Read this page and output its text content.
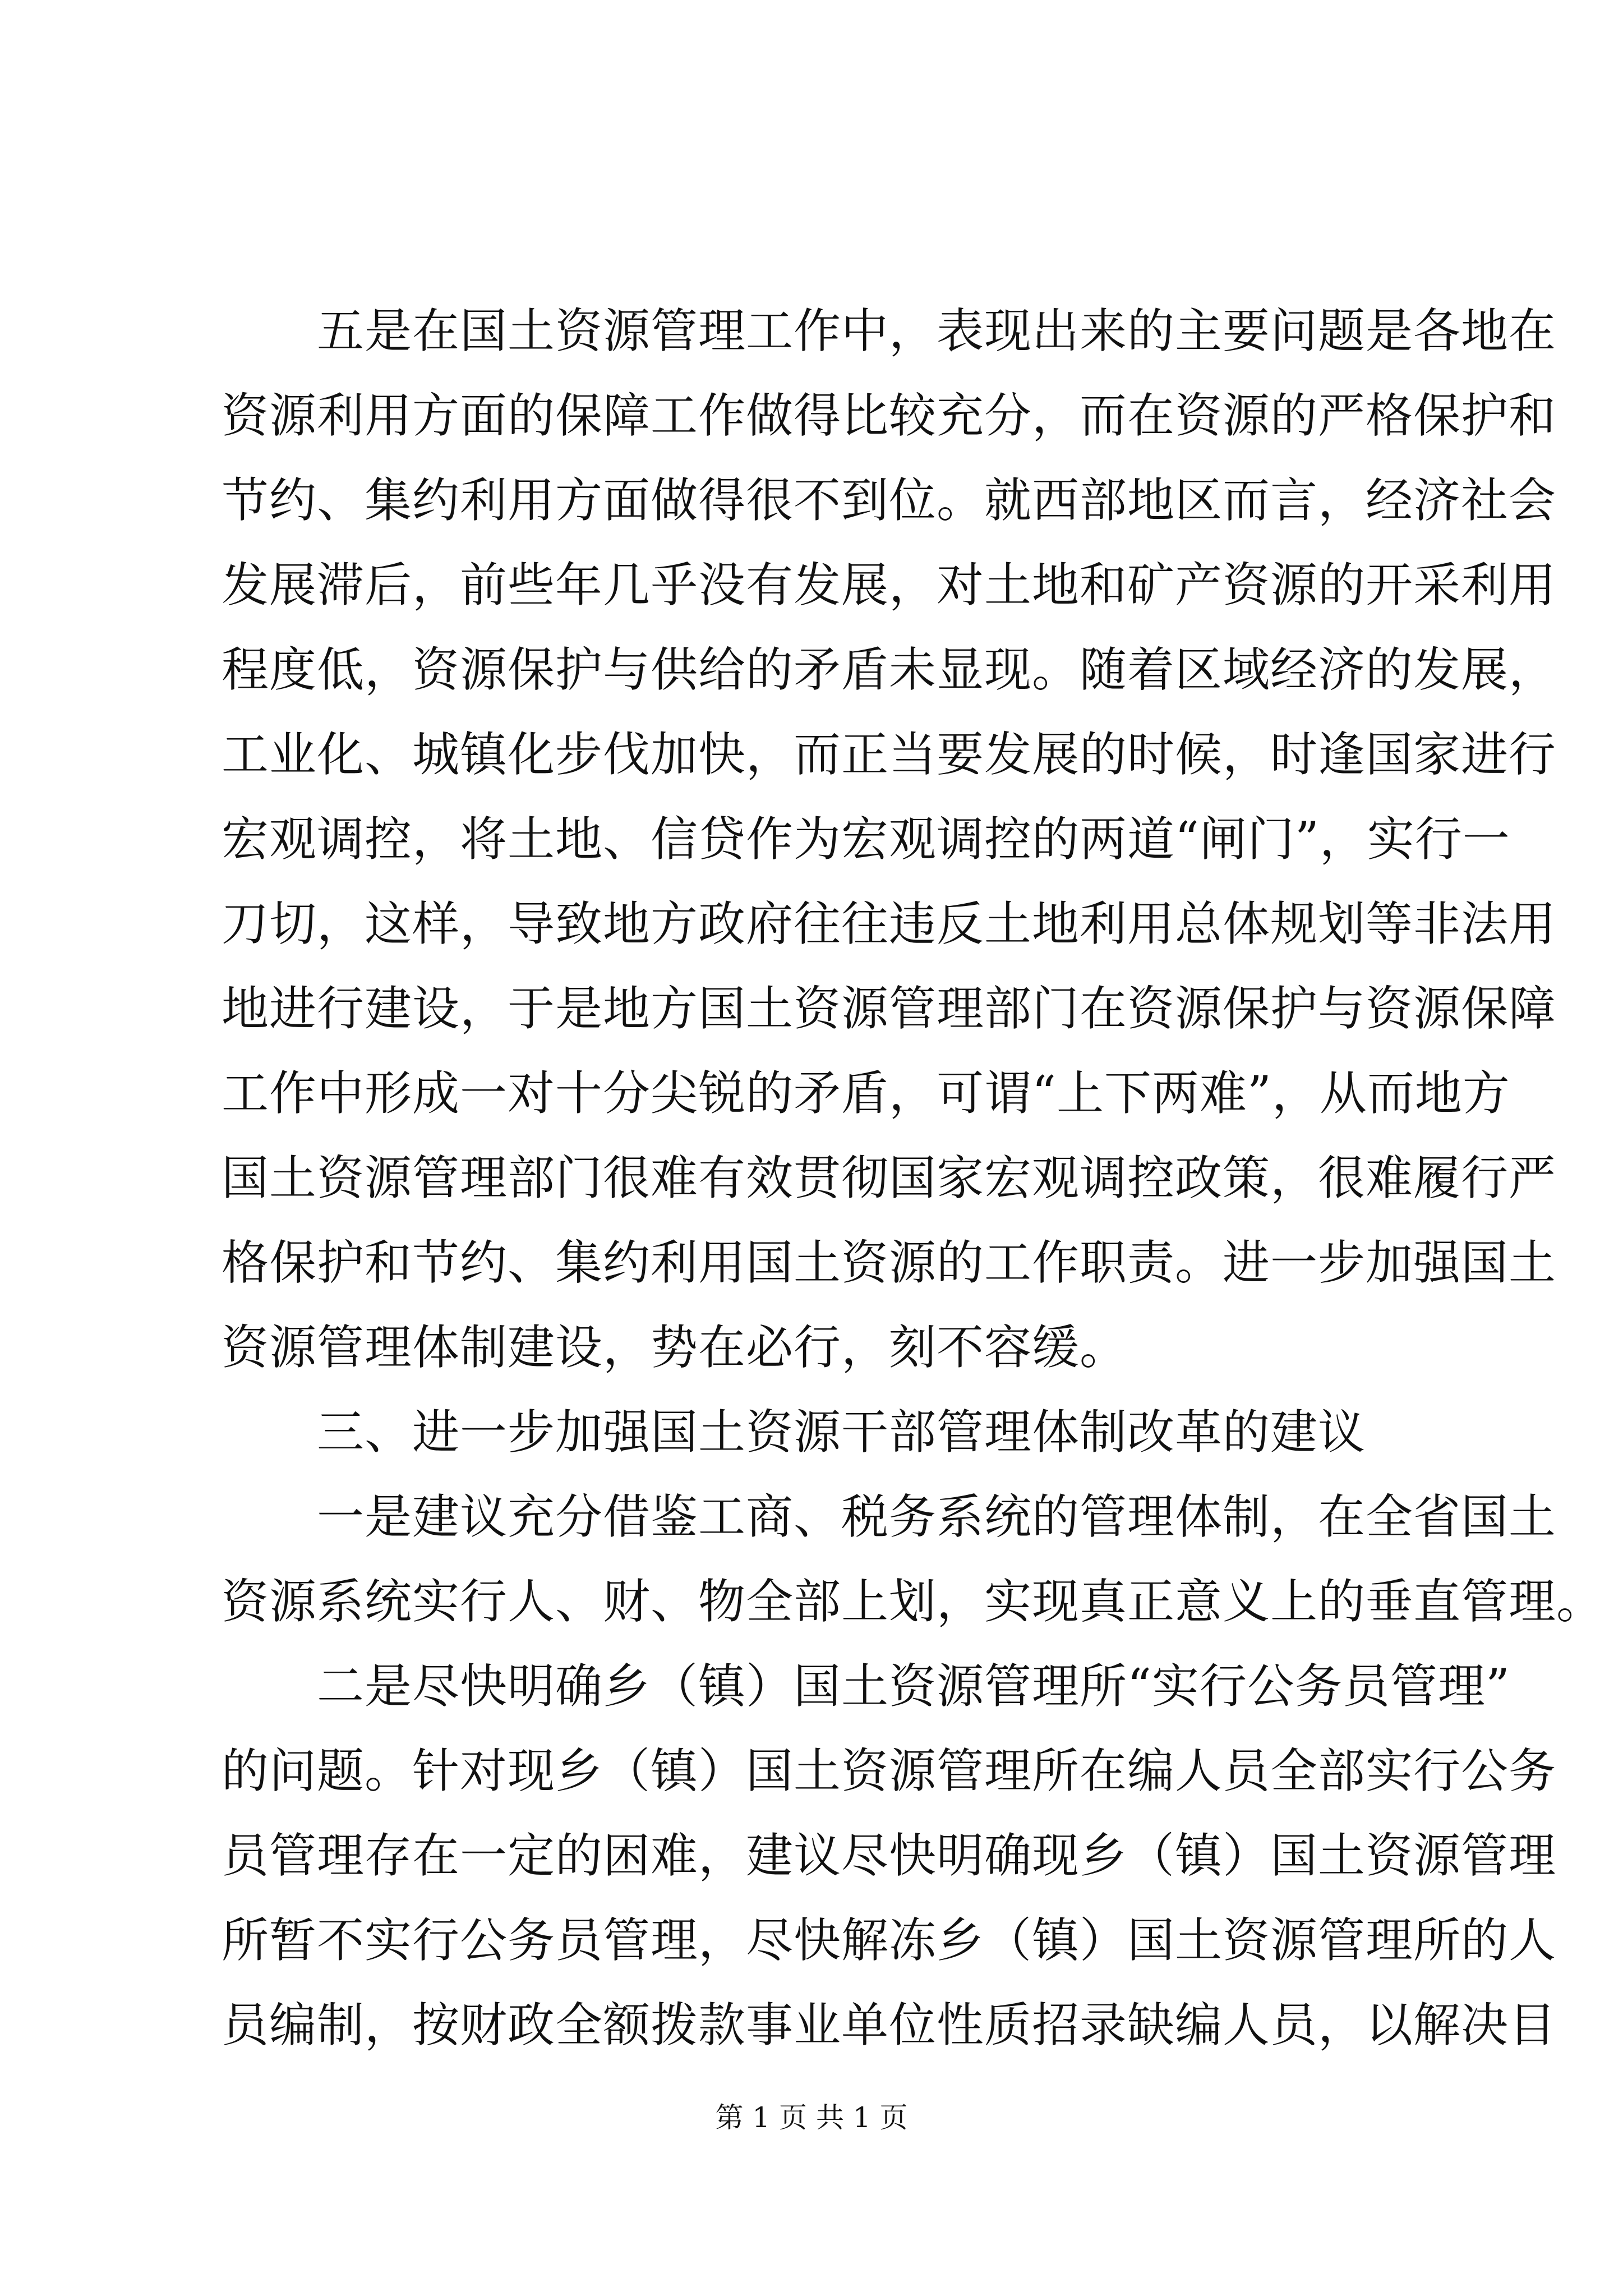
五是在国土资源管理工作中，表现出来的主要问题是各地在
资源利用方面的保障工作做得比较充分，而在资源的严格保护和
节约、集约利用方面做得很不到位。就西部地区而言，经济社会
发展滞后，前些年几乎没有发展，对土地和矿产资源的开采利用
程度低，资源保护与供给的矛盾未显现。随着区域经济的发展，
工业化、城镇化步伐加快，而正当要发展的时候，时逢国家进行
宏观调控，将土地、信贷作为宏观调控的两道“闸门”，实行一
刀切，这样，导致地方政府往往违反土地利用总体规划等非法用
地进行建设，于是地方国土资源管理部门在资源保护与资源保障
工作中形成一对十分尖锐的矛盾，可谓“上下两难”，从而地方
国土资源管理部门很难有效贯彻国家宏观调控政策，很难履行严
格保护和节约、集约利用国土资源的工作职责。进一步加强国土
资源管理体制建设，势在必行，刻不容缓。
三、进一步加强国土资源干部管理体制改革的建议
一是建议充分借鉴工商、税务系统的管理体制，在全省国土
资源系统实行人、财、物全部上划，实现真正意义上的垂直管理。
二是尽快明确乡（镇）国土资源管理所“实行公务员管理”
的问题。针对现乡（镇）国土资源管理所在编人员全部实行公务
员管理存在一定的困难，建议尽快明确现乡（镇）国土资源管理
所暂不实行公务员管理，尽快解冻乡（镇）国土资源管理所的人
员编制，按财政全额拨款事业单位性质招录缺编人员，以解决目
第 1 页 共 1 页
